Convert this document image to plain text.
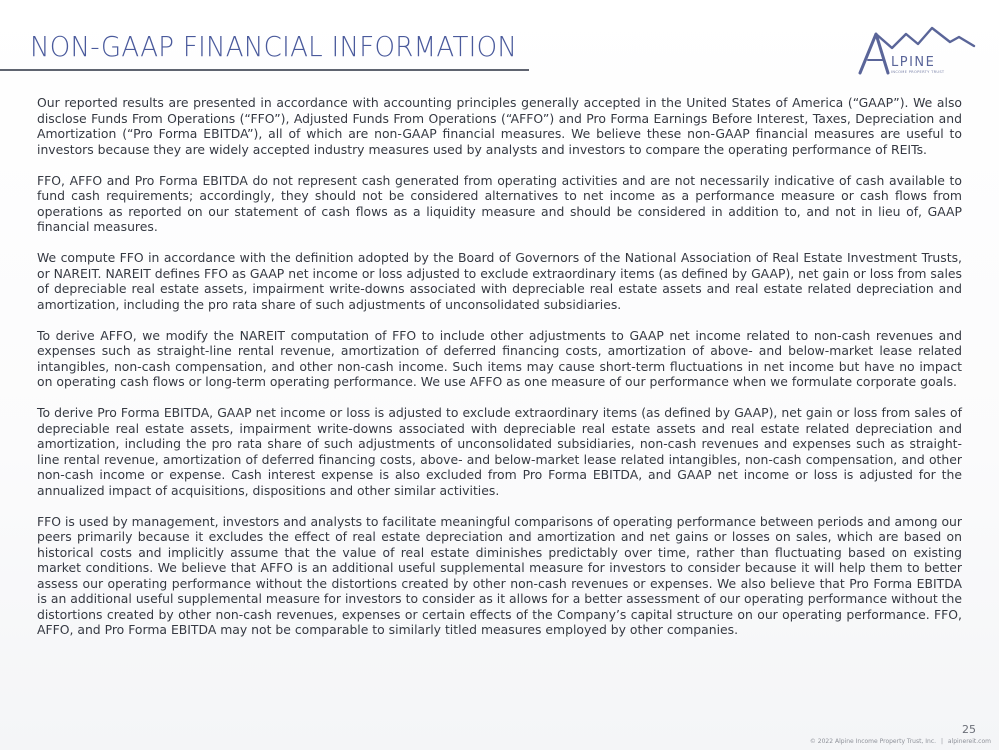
NON-GAAP FINANCIAL INFORMATION	LPINE
INCOME PROPERTY TRUST

Our reported results are presented in accordance with accounting principles generally accepted in the United States of America (“GAAP”). We also disclose Funds From Operations (“FFO”), Adjusted Funds From Operations (“AFFO”) and Pro Forma Earnings Before Interest, Taxes, Depreciation and Amortization (“Pro Forma EBITDA”), all of which are non-GAAP financial measures. We believe these non-GAAP financial measures are useful to investors because they are widely accepted industry measures used by analysts and investors to compare the operating performance of REITs.

FFO, AFFO and Pro Forma EBITDA do not represent cash generated from operating activities and are not necessarily indicative of cash available to fund cash requirements; accordingly, they should not be considered alternatives to net income as a performance measure or cash flows from operations as reported on our statement of cash flows as a liquidity measure and should be considered in addition to, and not in lieu of, GAAP financial measures.

We compute FFO in accordance with the definition adopted by the Board of Governors of the National Association of Real Estate Investment Trusts, or NAREIT. NAREIT defines FFO as GAAP net income or loss adjusted to exclude extraordinary items (as defined by GAAP), net gain or loss from sales of depreciable real estate assets, impairment write-downs associated with depreciable real estate assets and real estate related depreciation and amortization, including the pro rata share of such adjustments of unconsolidated subsidiaries.

To derive AFFO, we modify the NAREIT computation of FFO to include other adjustments to GAAP net income related to non-cash revenues and expenses such as straight-line rental revenue, amortization of deferred financing costs, amortization of above- and below-market lease related intangibles, non-cash compensation, and other non-cash income. Such items may cause short-term fluctuations in net income but have no impact on operating cash flows or long-term operating performance. We use AFFO as one measure of our performance when we formulate corporate goals.

To derive Pro Forma EBITDA, GAAP net income or loss is adjusted to exclude extraordinary items (as defined by GAAP), net gain or loss from sales of depreciable real estate assets, impairment write-downs associated with depreciable real estate assets and real estate related depreciation and amortization, including the pro rata share of such adjustments of unconsolidated subsidiaries, non-cash revenues and expenses such as straight-line rental revenue, amortization of deferred financing costs, above- and below-market lease related intangibles, non-cash compensation, and other non-cash income or expense. Cash interest expense is also excluded from Pro Forma EBITDA, and GAAP net income or loss is adjusted for the annualized impact of acquisitions, dispositions and other similar activities.

FFO is used by management, investors and analysts to facilitate meaningful comparisons of operating performance between periods and among our peers primarily because it excludes the effect of real estate depreciation and amortization and net gains or losses on sales, which are based on historical costs and implicitly assume that the value of real estate diminishes predictably over time, rather than fluctuating based on existing market conditions. We believe that AFFO is an additional useful supplemental measure for investors to consider because it will help them to better assess our operating performance without the distortions created by other non-cash revenues or expenses. We also believe that Pro Forma EBITDA is an additional useful supplemental measure for investors to consider as it allows for a better assessment of our operating performance without the distortions created by other non-cash revenues, expenses or certain effects of the Company’s capital structure on our operating performance. FFO, AFFO, and Pro Forma EBITDA may not be comparable to similarly titled measures employed by other companies.

25
© 2022 Alpine Income Property Trust, Inc. | alpinereit.com
